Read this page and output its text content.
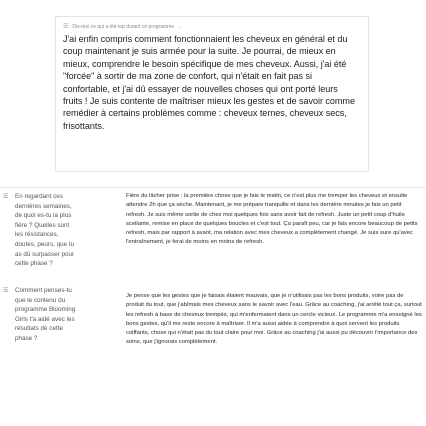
☰ Dis-moi ce qui a été top durant ce programme ⌄
J'ai enfin compris comment fonctionnaient les cheveux en général et du coup maintenant je suis armée pour la suite. Je pourrai, de mieux en mieux, comprendre le besoin spécifique de mes cheveux. Aussi, j'ai été "forcée" à sortir de ma zone de confort, qui n'était en fait pas si confortable, et j'ai dû essayer de nouvelles choses qui ont porté leurs fruits ! Je suis contente de maîtriser mieux les gestes et de savoir comme remédier à certains problèmes comme : cheveux ternes, cheveux secs, frisottants.
☰	En regardant ces dernières semaines, de quoi es-tu la plus fière ? Quelles sont les résistances, doutes, peurs, que tu as dû surpasser pour cette phase ?
Fière du lâcher prise : la première chose que je fais le matin, ce n'est plus me tremper les cheveux et ensuite attendre 2h que ça sèche. Maintenant, je me prépare tranquille et dans les dernière minutes je fais un petit refresh. Je suis même sortie de chez moi quelques fois sans avoir fait de refresh. Juste un petit coup d'huile scellante, remise en place de quelques boucles et c'est tout. Ça paraît peu, car je fais encore beaucoup de petits refresh, mais par rapport à avant, ma relation avec mes cheveux a complètement changé. Je suis sure qu'avec l'entraînement, je ferai de moins en moins de refresh.
☰	Comment penses-tu que le contenu du programme Blooming Girls t'a aidé avec les résultats de cette phase ?
Je pense que les gestes que je faisais étaient mauvais, que je n'utilisais pas les bons produits, voire pas de produit du tout, que j'abîmais mes cheveux sans le savoir avec l'eau. Grâce au coaching, j'ai arrêté tout ça, surtout les refresh à base de cheveux trempés, qui m'enfermaient dans un cercle vicieux. Le programme m'a enseigné les bons gestes, qu'il me reste encore à maîtriser. Il m'a aussi aidée à comprendre à quoi servent les produits coiffants, chose qui n'était pas du tout claire pour moi. Grâce au coaching j'ai aussi pu découvrir l'importance des soins, que j'ignorais complètement.
